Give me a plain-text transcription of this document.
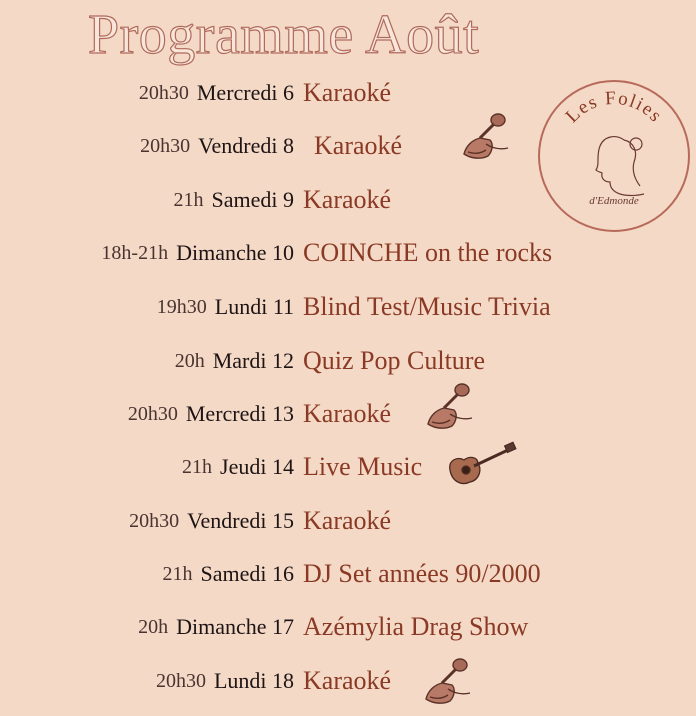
Programme Août
Les Folies
d'Edmonde
20h30 Mercredi 6 Karaoké
20h30 Vendredi 8 Karaoké
21h Samedi 9 Karaoké
18h-21h Dimanche 10 COINCHE on the rocks
19h30 Lundi 11 Blind Test/Music Trivia
20h Mardi 12 Quiz Pop Culture
20h30 Mercredi 13 Karaoké
21h Jeudi 14 Live Music
20h30 Vendredi 15 Karaoké
21h Samedi 16 DJ Set années 90/2000
20h Dimanche 17 Azémylia Drag Show
20h30 Lundi 18 Karaoké
